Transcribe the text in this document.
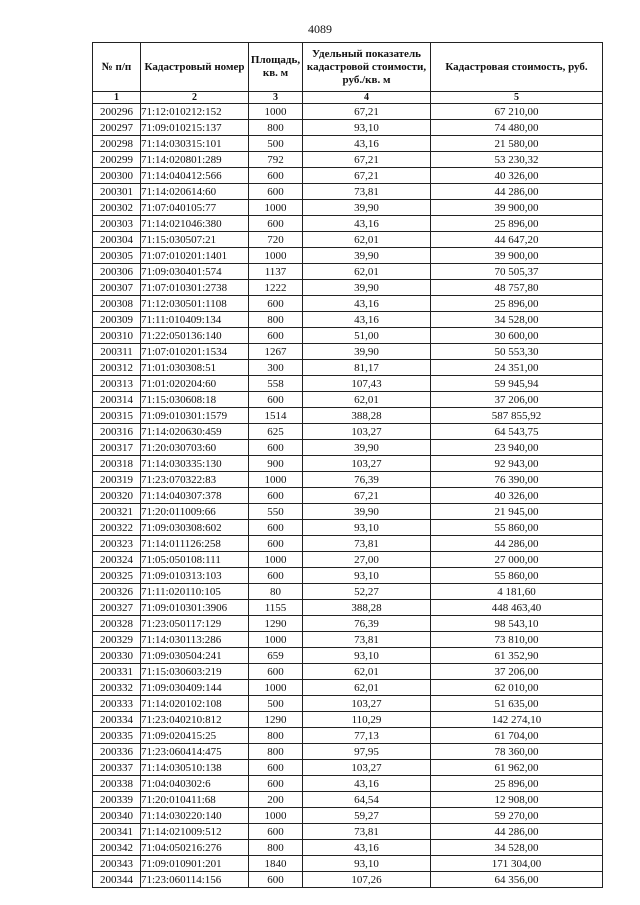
4089
№ п/п	Кадастровый номер	Площадь, кв. м	Удельный показатель кадастровой стоимости, руб./кв. м	Кадастровая стоимость, руб.
1	2	3	4	5
200296	71:12:010212:152	1000	67,21	67 210,00
200297	71:09:010215:137	800	93,10	74 480,00
200298	71:14:030315:101	500	43,16	21 580,00
200299	71:14:020801:289	792	67,21	53 230,32
200300	71:14:040412:566	600	67,21	40 326,00
200301	71:14:020614:60	600	73,81	44 286,00
200302	71:07:040105:77	1000	39,90	39 900,00
200303	71:14:021046:380	600	43,16	25 896,00
200304	71:15:030507:21	720	62,01	44 647,20
200305	71:07:010201:1401	1000	39,90	39 900,00
200306	71:09:030401:574	1137	62,01	70 505,37
200307	71:07:010301:2738	1222	39,90	48 757,80
200308	71:12:030501:1108	600	43,16	25 896,00
200309	71:11:010409:134	800	43,16	34 528,00
200310	71:22:050136:140	600	51,00	30 600,00
200311	71:07:010201:1534	1267	39,90	50 553,30
200312	71:01:030308:51	300	81,17	24 351,00
200313	71:01:020204:60	558	107,43	59 945,94
200314	71:15:030608:18	600	62,01	37 206,00
200315	71:09:010301:1579	1514	388,28	587 855,92
200316	71:14:020630:459	625	103,27	64 543,75
200317	71:20:030703:60	600	39,90	23 940,00
200318	71:14:030335:130	900	103,27	92 943,00
200319	71:23:070322:83	1000	76,39	76 390,00
200320	71:14:040307:378	600	67,21	40 326,00
200321	71:20:011009:66	550	39,90	21 945,00
200322	71:09:030308:602	600	93,10	55 860,00
200323	71:14:011126:258	600	73,81	44 286,00
200324	71:05:050108:111	1000	27,00	27 000,00
200325	71:09:010313:103	600	93,10	55 860,00
200326	71:11:020110:105	80	52,27	4 181,60
200327	71:09:010301:3906	1155	388,28	448 463,40
200328	71:23:050117:129	1290	76,39	98 543,10
200329	71:14:030113:286	1000	73,81	73 810,00
200330	71:09:030504:241	659	93,10	61 352,90
200331	71:15:030603:219	600	62,01	37 206,00
200332	71:09:030409:144	1000	62,01	62 010,00
200333	71:14:020102:108	500	103,27	51 635,00
200334	71:23:040210:812	1290	110,29	142 274,10
200335	71:09:020415:25	800	77,13	61 704,00
200336	71:23:060414:475	800	97,95	78 360,00
200337	71:14:030510:138	600	103,27	61 962,00
200338	71:04:040302:6	600	43,16	25 896,00
200339	71:20:010411:68	200	64,54	12 908,00
200340	71:14:030220:140	1000	59,27	59 270,00
200341	71:14:021009:512	600	73,81	44 286,00
200342	71:04:050216:276	800	43,16	34 528,00
200343	71:09:010901:201	1840	93,10	171 304,00
200344	71:23:060114:156	600	107,26	64 356,00
